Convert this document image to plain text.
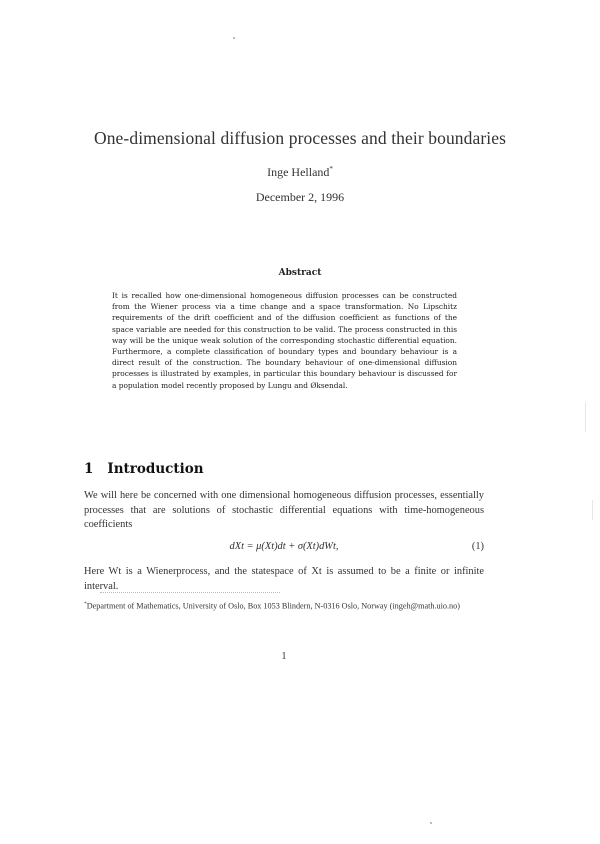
One-dimensional diffusion processes and their boundaries
Inge Helland*
December 2, 1996
Abstract
It is recalled how one-dimensional homogeneous diffusion processes can be constructed from the Wiener process via a time change and a space transformation. No Lipschitz requirements of the drift coefficient and of the diffusion coefficient as functions of the space variable are needed for this construction to be valid. The process constructed in this way will be the unique weak solution of the corresponding stochastic differential equation. Furthermore, a complete classification of boundary types and boundary behaviour is a direct result of the construction. The boundary behaviour of one-dimensional diffusion processes is illustrated by examples, in particular this boundary behaviour is discussed for a population model recently proposed by Lungu and Øksendal.
1 Introduction
We will here be concerned with one dimensional homogeneous diffusion processes, essentially processes that are solutions of stochastic differential equations with time-homogeneous coefficients
dXt = μ(Xt)dt + σ(Xt)dWt,	(1)
Here Wt is a Wienerprocess, and the statespace of Xt is assumed to be a finite or infinite interval.
*Department of Mathematics, University of Oslo, Box 1053 Blindern, N-0316 Oslo, Norway (ingeh@math.uio.no)
1
